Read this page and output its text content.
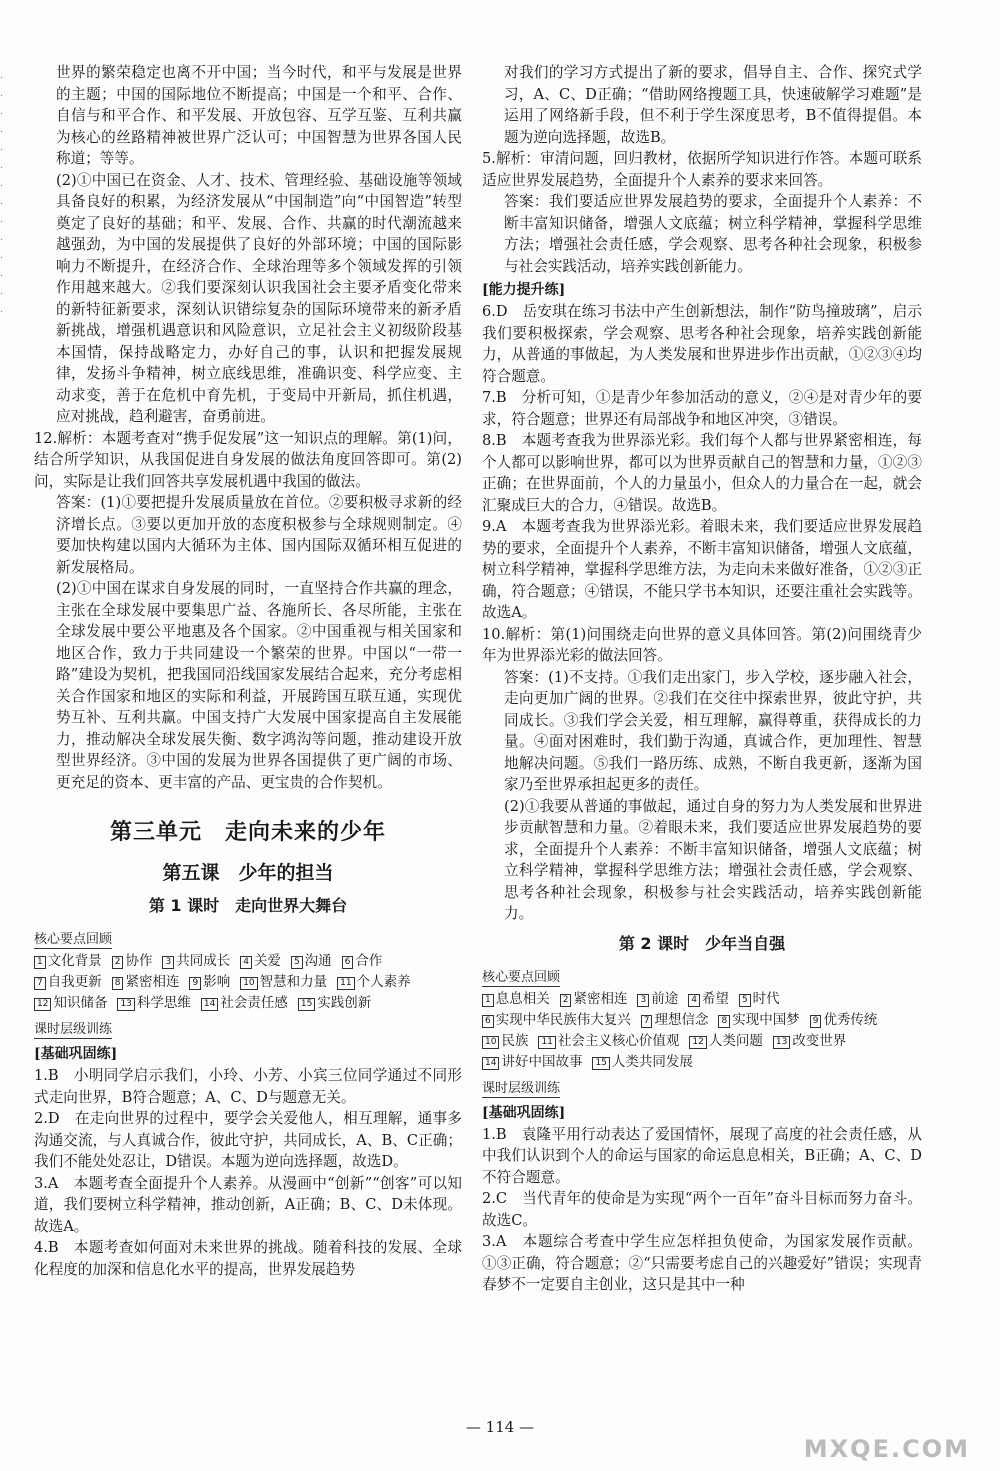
·
·
·
·
·
·
·
·
·
·
·
·
·
·

世界的繁荣稳定也离不开中国；当今时代，和平与发展是世界的主题；中国的国际地位不断提高；中国是一个和平、合作、自信与和平合作、和平发展、开放包容、互学互鉴、互利共赢为核心的丝路精神被世界广泛认可；中国智慧为世界各国人民称道；等等。

(2)①中国已在资金、人才、技术、管理经验、基础设施等领域具备良好的积累，为经济发展从“中国制造”向“中国智造”转型奠定了良好的基础；和平、发展、合作、共赢的时代潮流越来越强劲，为中国的发展提供了良好的外部环境；中国的国际影响力不断提升，在经济合作、全球治理等多个领域发挥的引领作用越来越大。②我们要深刻认识我国社会主要矛盾变化带来的新特征新要求，深刻认识错综复杂的国际环境带来的新矛盾新挑战，增强机遇意识和风险意识，立足社会主义初级阶段基本国情，保持战略定力，办好自己的事，认识和把握发展规律，发扬斗争精神，树立底线思维，准确识变、科学应变、主动求变，善于在危机中育先机，于变局中开新局，抓住机遇，应对挑战，趋利避害，奋勇前进。

12.解析：本题考查对“携手促发展”这一知识点的理解。第(1)问，结合所学知识，从我国促进自身发展的做法角度回答即可。第(2)问，实际是让我们回答共享发展机遇中我国的做法。

答案：(1)①要把提升发展质量放在首位。②要积极寻求新的经济增长点。③要以更加开放的态度积极参与全球规则制定。④要加快构建以国内大循环为主体、国内国际双循环相互促进的新发展格局。

(2)①中国在谋求自身发展的同时，一直坚持合作共赢的理念，主张在全球发展中要集思广益、各施所长、各尽所能，主张在全球发展中要公平地惠及各个国家。②中国重视与相关国家和地区合作，致力于共同建设一个繁荣的世界。中国以“一带一路”建设为契机，把我国同沿线国家发展结合起来，充分考虑相关合作国家和地区的实际和利益，开展跨国互联互通，实现优势互补、互利共赢。中国支持广大发展中国家提高自主发展能力，推动解决全球发展失衡、数字鸿沟等问题，推动建设开放型世界经济。③中国的发展为世界各国提供了更广阔的市场、更充足的资本、更丰富的产品、更宝贵的合作契机。

第三单元　走向未来的少年
第五课　少年的担当
第 1 课时　走向世界大舞台
核心要点回顾
1 文化背景 2 协作 3 共同成长 4 关爱 5 沟通 6 合作7 自我更新 8 紧密相连 9 影响 10 智慧和力量 11 个人素养12 知识储备 13 科学思维 14 社会责任感 15 实践创新
课时层级训练
[基础巩固练]

1.B　小明同学启示我们，小玲、小芳、小宾三位同学通过不同形式走向世界，B符合题意；A、C、D与题意无关。

2.D　在走向世界的过程中，要学会关爱他人，相互理解，通事多沟通交流，与人真诚合作，彼此守护，共同成长，A、B、C正确；我们不能处处忍让，D错误。本题为逆向选择题，故选D。

3.A　本题考查全面提升个人素养。从漫画中“创新”“创客”可以知道，我们要树立科学精神，推动创新，A正确；B、C、D未体现。故选A。

4.B　本题考查如何面对未来世界的挑战。随着科技的发展、全球化程度的加深和信息化水平的提高，世界发展趋势

对我们的学习方式提出了新的要求，倡导自主、合作、探究式学习，A、C、D正确；“借助网络搜题工具，快速破解学习难题”是运用了网络新手段，但不利于学生深度思考，B不值得提倡。本题为逆向选择题，故选B。

5.解析：审清问题，回归教材，依据所学知识进行作答。本题可联系适应世界发展趋势，全面提升个人素养的要求来回答。

答案：我们要适应世界发展趋势的要求，全面提升个人素养：不断丰富知识储备，增强人文底蕴；树立科学精神，掌握科学思维方法；增强社会责任感，学会观察、思考各种社会现象，积极参与社会实践活动，培养实践创新能力。

[能力提升练]

6.D　岳安琪在练习书法中产生创新想法，制作“防鸟撞玻璃”，启示我们要积极探索，学会观察、思考各种社会现象，培养实践创新能力，从普通的事做起，为人类发展和世界进步作出贡献，①②③④均符合题意。

7.B　分析可知，①是青少年参加活动的意义，②④是对青少年的要求，符合题意；世界还有局部战争和地区冲突，③错误。

8.B　本题考查我为世界添光彩。我们每个人都与世界紧密相连，每个人都可以影响世界，都可以为世界贡献自己的智慧和力量，①②③正确；在世界面前，个人的力量虽小，但众人的力量合在一起，就会汇聚成巨大的合力，④错误。故选B。

9.A　本题考查我为世界添光彩。着眼未来，我们要适应世界发展趋势的要求，全面提升个人素养，不断丰富知识储备，增强人文底蕴，树立科学精神，掌握科学思维方法，为走向未来做好准备，①②③正确，符合题意；④错误，不能只学书本知识，还要注重社会实践等。故选A。

10.解析：第(1)问围绕走向世界的意义具体回答。第(2)问围绕青少年为世界添光彩的做法回答。

答案：(1)不支持。①我们走出家门，步入学校，逐步融入社会，走向更加广阔的世界。②我们在交往中探索世界，彼此守护，共同成长。③我们学会关爱，相互理解，赢得尊重，获得成长的力量。④面对困难时，我们勤于沟通，真诚合作，更加理性、智慧地解决问题。⑤我们一路历练、成熟，不断自我更新，逐渐为国家乃至世界承担起更多的责任。

(2)①我要从普通的事做起，通过自身的努力为人类发展和世界进步贡献智慧和力量。②着眼未来，我们要适应世界发展趋势的要求，全面提升个人素养：不断丰富知识储备，增强人文底蕴；树立科学精神，掌握科学思维方法；增强社会责任感，学会观察、思考各种社会现象，积极参与社会实践活动，培养实践创新能力。

第 2 课时　少年当自强
核心要点回顾
1 息息相关 2 紧密相连 3 前途 4 希望 5 时代6 实现中华民族伟大复兴 7 理想信念 8 实现中国梦 9 优秀传统10 民族 11 社会主义核心价值观 12 人类问题 13 改变世界14 讲好中国故事 15 人类共同发展
课时层级训练
[基础巩固练]

1.B　袁隆平用行动表达了爱国情怀，展现了高度的社会责任感，从中我们认识到个人的命运与国家的命运息息相关，B正确；A、C、D不符合题意。

2.C　当代青年的使命是为实现“两个一百年”奋斗目标而努力奋斗。故选C。

3.A　本题综合考查中学生应怎样担负使命，为国家发展作贡献。①③正确，符合题意；②“只需要考虑自己的兴趣爱好”错误；实现青春梦不一定要自主创业，这只是其中一种

— 114 —
MXQE.COM
